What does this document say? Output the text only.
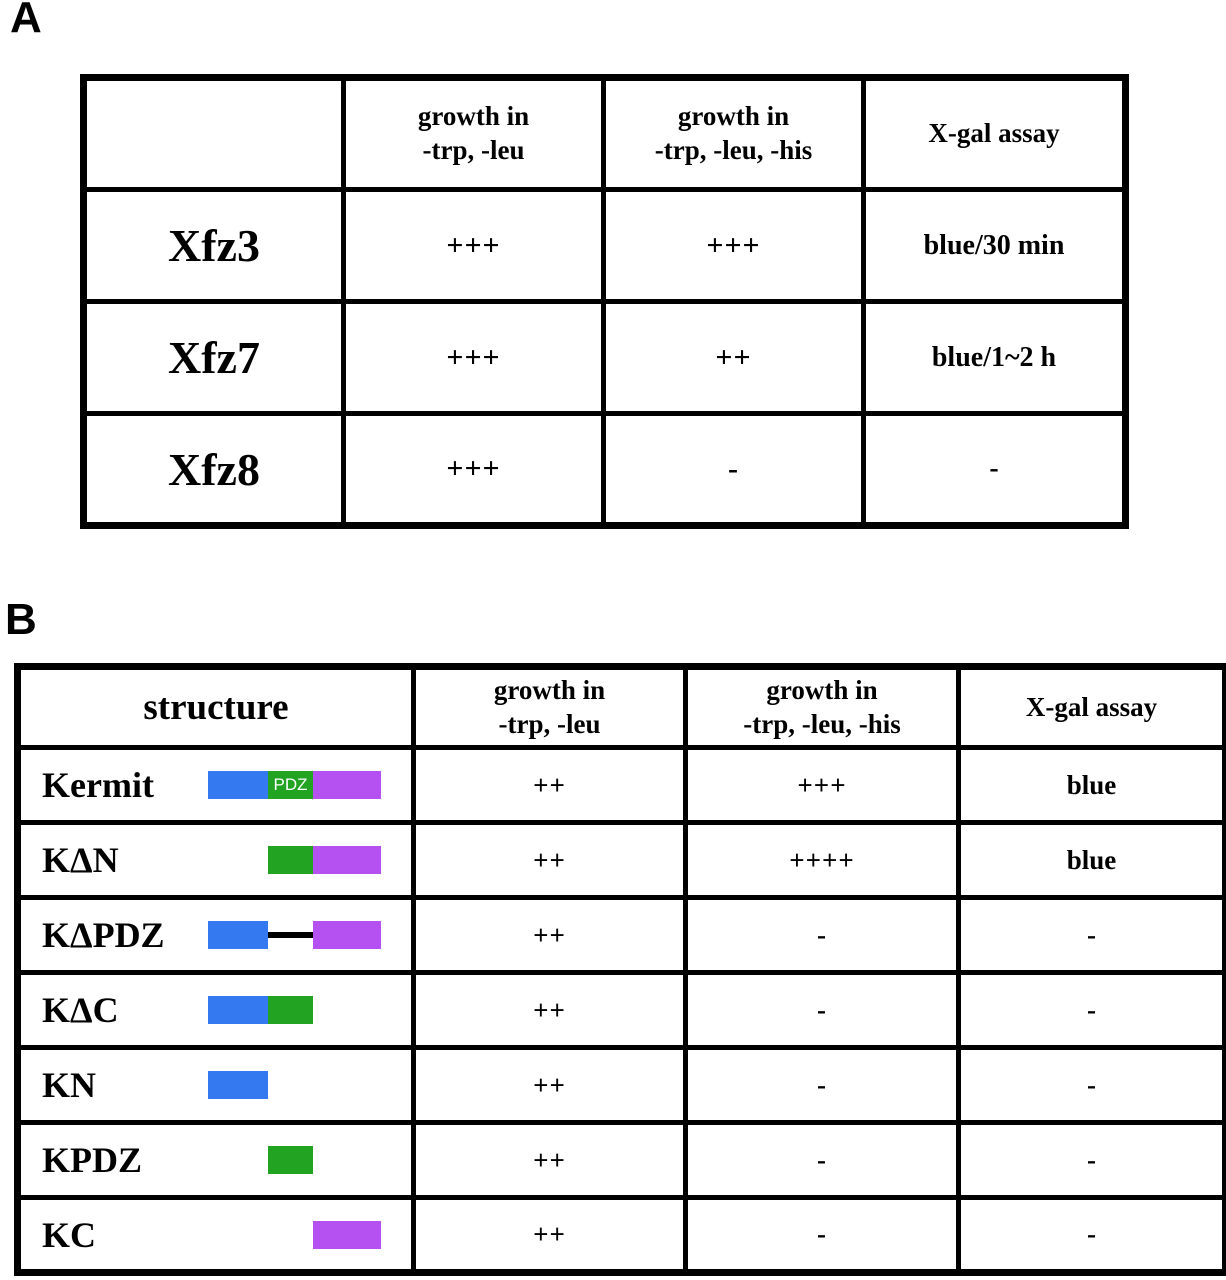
A

	growth in
-trp, -leu	growth in
-trp, -leu, -his	X-gal assay
Xfz3	+++	+++	blue/30 min
Xfz7	+++	++	blue/1~2 h
Xfz8	+++	-	-
B
structure	growth in
-trp, -leu	growth in
-trp, -leu, -his	X-gal assay

Kermit PDZ	++	+++	blue

KΔN	++	++++	blue

KΔPDZ	++	-	-

KΔC	++	-	-

KN	++	-	-

KPDZ	++	-	-

KC	++	-	-
